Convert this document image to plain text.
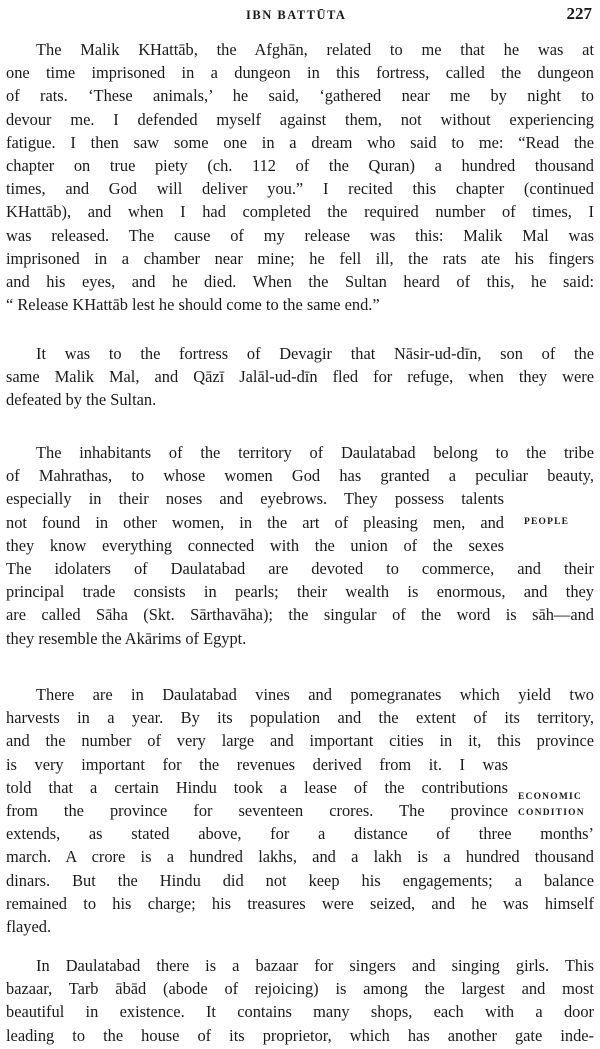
IBN BATTŪTA	227
The Malik KHattāb, the Afghān, related to me that he was at
one time imprisoned in a dungeon in this fortress, called the dungeon
of rats. ‘These animals,’ he said, ‘gathered near me by night to
devour me. I defended myself against them, not without experiencing
fatigue. I then saw some one in a dream who said to me: “Read the
chapter on true piety (ch. 112 of the Quran) a hundred thousand
times, and God will deliver you.” I recited this chapter (continued
KHattāb), and when I had completed the required number of times, I
was released. The cause of my release was this: Malik Mal was
imprisoned in a chamber near mine; he fell ill, the rats ate his fingers
and his eyes, and he died. When the Sultan heard of this, he said:
“ Release KHattāb lest he should come to the same end.”
It was to the fortress of Devagir that Nāsir-ud-dīn, son of the
same Malik Mal, and Qāzī Jalāl-ud-dīn fled for refuge, when they were
defeated by the Sultan.
The inhabitants of the territory of Daulatabad belong to the tribe
of Mahrathas, to whose women God has granted a peculiar beauty,
especially in their noses and eyebrows. They possess talents
not found in other women, in the art of pleasing men, and
they know everything connected with the union of the sexes
The idolaters of Daulatabad are devoted to commerce, and their
principal trade consists in pearls; their wealth is enormous, and they
are called Sāha (Skt. Sārthavāha); the singular of the word is sāh—and
they resemble the Akārims of Egypt.
PEOPLE
There are in Daulatabad vines and pomegranates which yield two
harvests in a year. By its population and the extent of its territory,
and the number of very large and important cities in it, this province
is very important for the revenues derived from it. I was
told that a certain Hindu took a lease of the contributions
from the province for seventeen crores. The province
extends, as stated above, for a distance of three months’
march. A crore is a hundred lakhs, and a lakh is a hundred thousand
dinars. But the Hindu did not keep his engagements; a balance
remained to his charge; his treasures were seized, and he was himself
flayed.
ECONOMIC
CONDITION
In Daulatabad there is a bazaar for singers and singing girls. This
bazaar, Tarb ābād (abode of rejoicing) is among the largest and most
beautiful in existence. It contains many shops, each with a door
leading to the house of its proprietor, which has another gate inde-
